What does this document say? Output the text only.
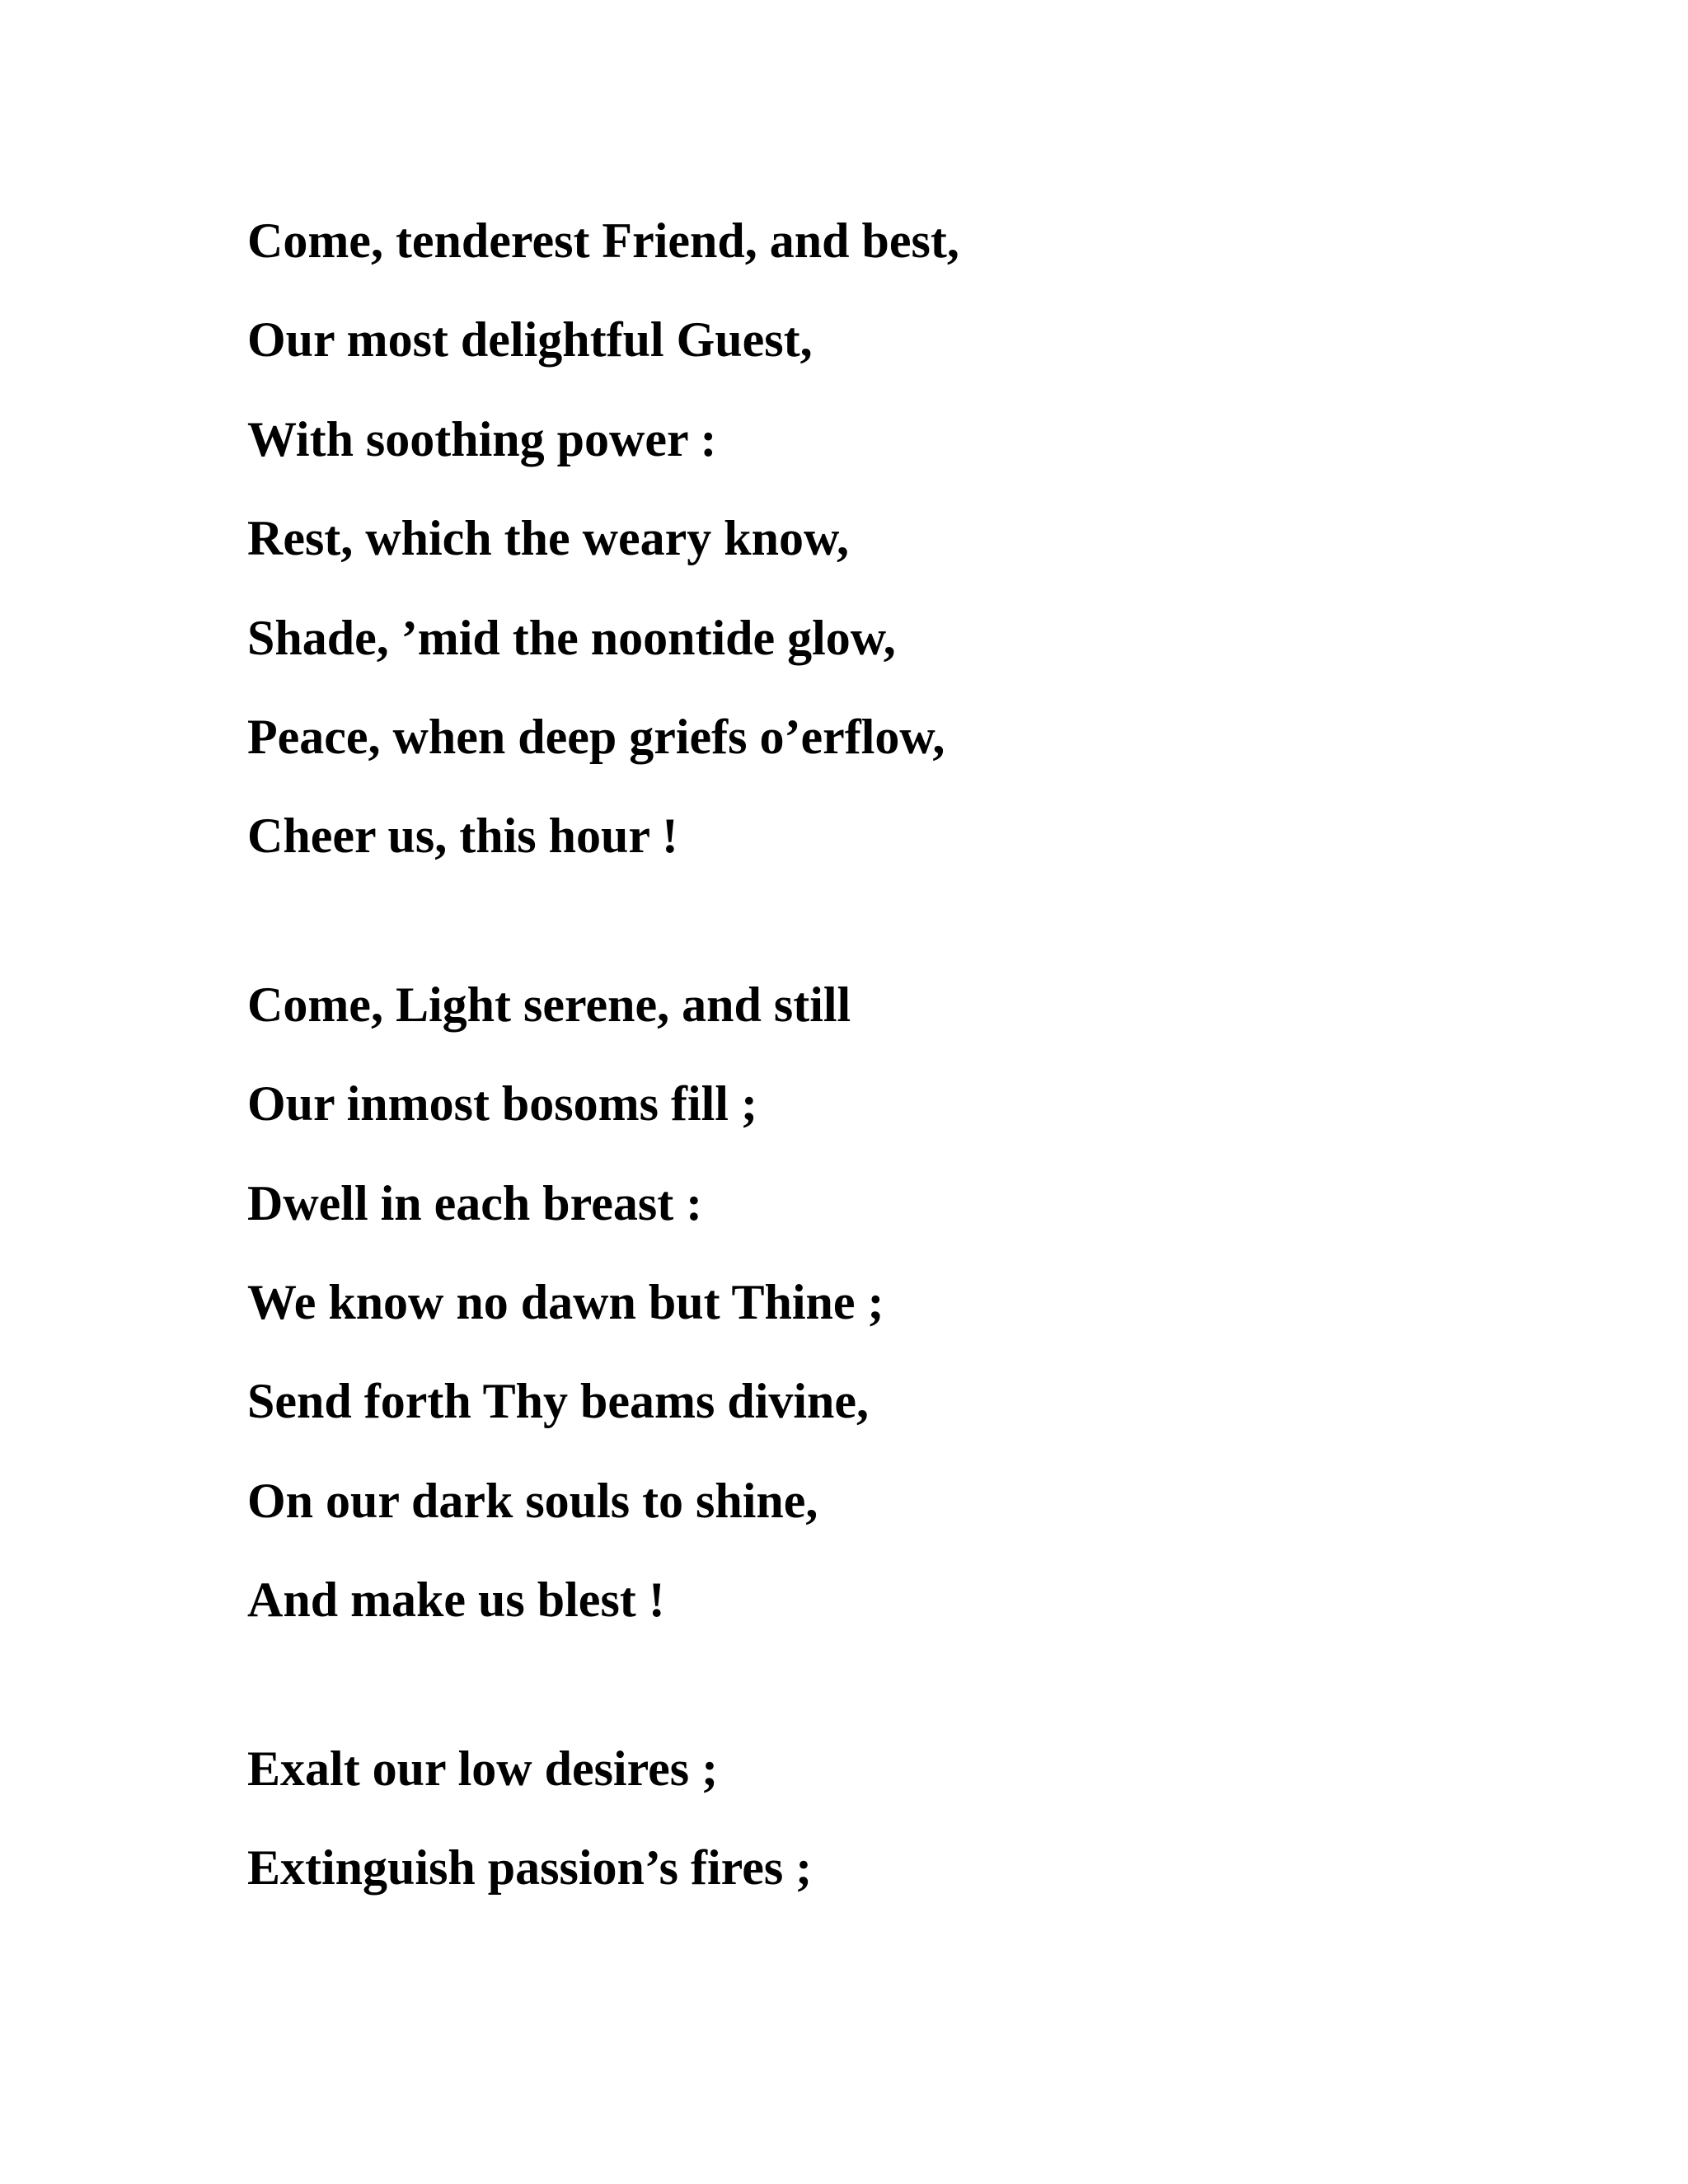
Come, tenderest Friend, and best,

Our most delightful Guest,

With soothing power :

Rest, which the weary know,

Shade, ’mid the noontide glow,

Peace, when deep griefs o’erflow,

Cheer us, this hour !

Come, Light serene, and still

Our inmost bosoms fill ;

Dwell in each breast :

We know no dawn but Thine ;

Send forth Thy beams divine,

On our dark souls to shine,

And make us blest !

Exalt our low desires ;

Extinguish passion’s fires ;
